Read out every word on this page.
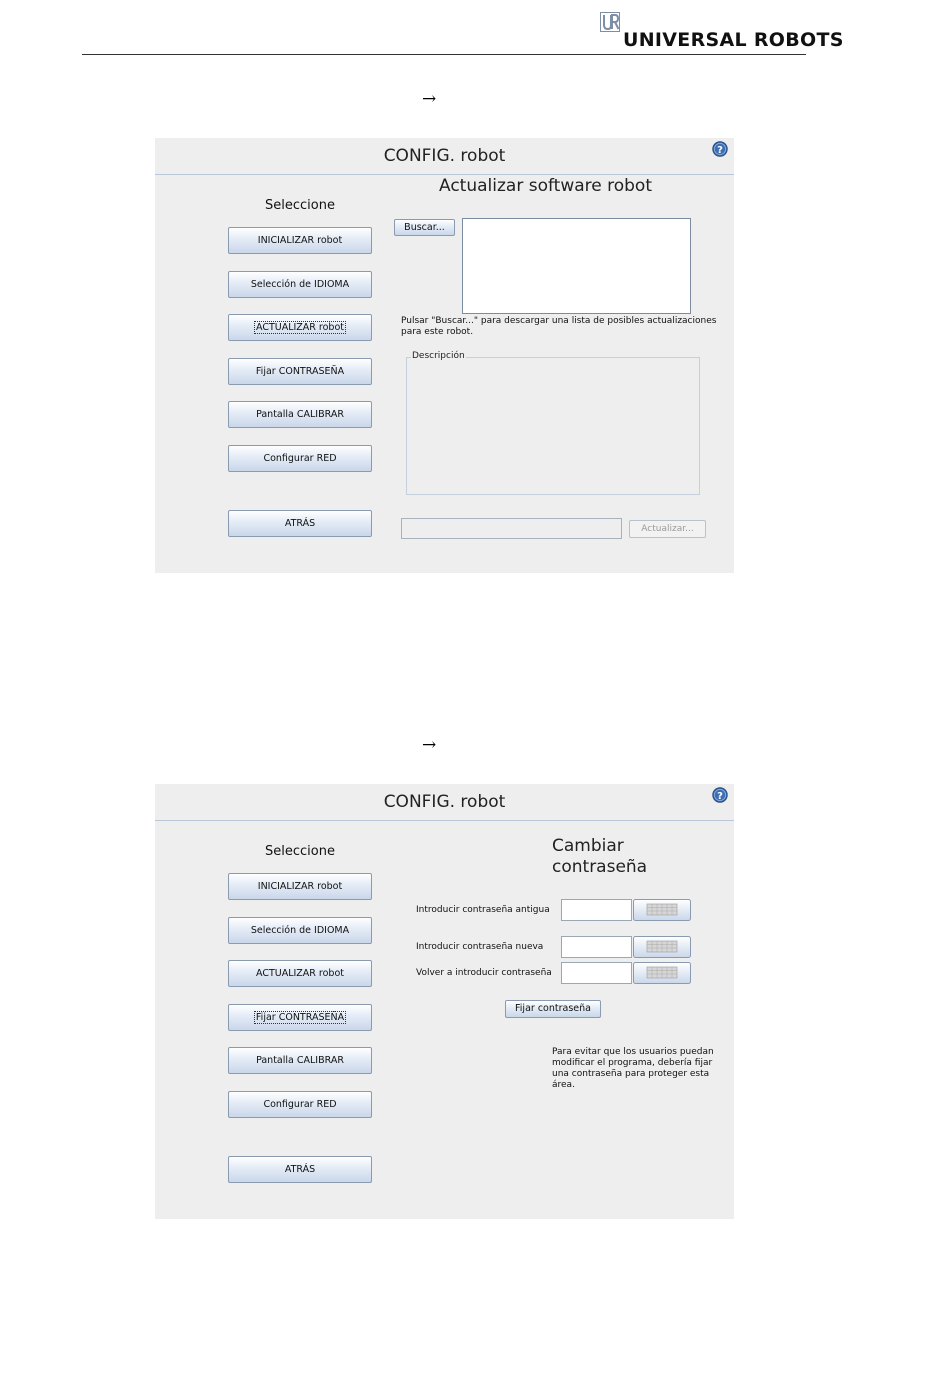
UNIVERSAL ROBOTS
→
CONFIG. robot	?
Seleccione
INICIALIZAR robot
Selección de IDIOMA
ACTUALIZAR robot
Fijar CONTRASEÑA
Pantalla CALIBRAR
Configurar RED
ATRÁS
Actualizar software robot
Buscar...
Pulsar "Buscar..." para descargar una lista de posibles actualizaciones
para este robot.
Descripción
Actualizar...
→
CONFIG. robot	?
Seleccione
INICIALIZAR robot
Selección de IDIOMA
ACTUALIZAR robot
Fijar CONTRASEÑA
Pantalla CALIBRAR
Configurar RED
ATRÁS
Cambiar
contraseña
Introducir contraseña antigua
Introducir contraseña nueva
Volver a introducir contraseña
Fijar contraseña
Para evitar que los usuarios puedan
modificar el programa, debería fijar
una contraseña para proteger esta
área.
